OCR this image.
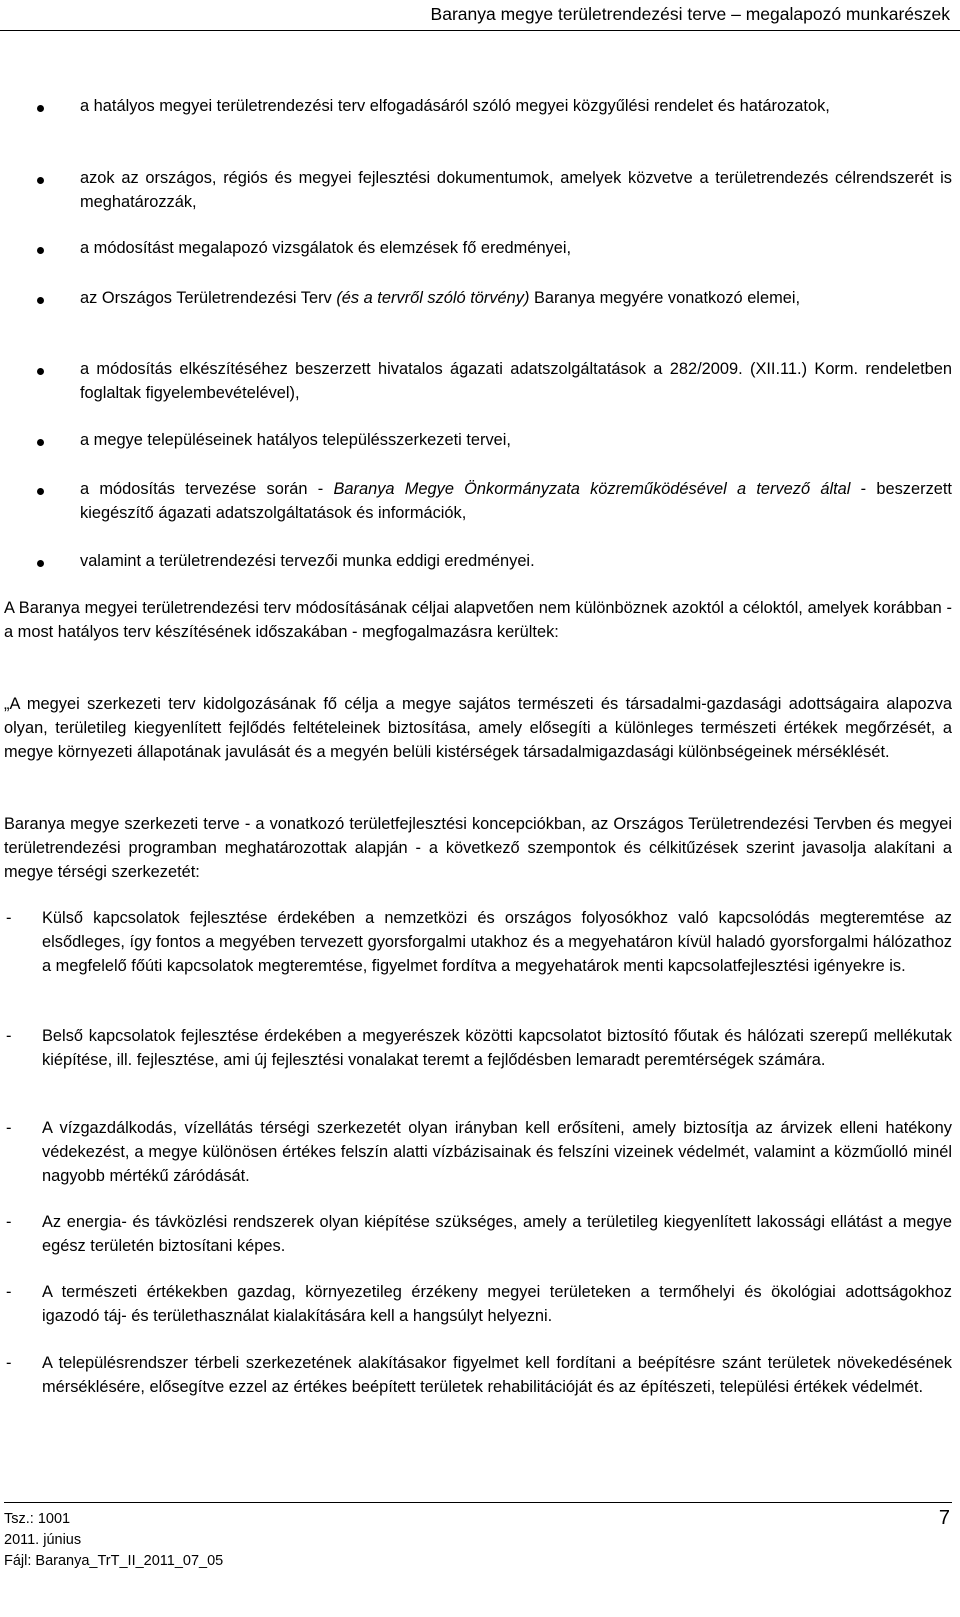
Baranya megye területrendezési terve – megalapozó munkarészek
a hatályos megyei területrendezési terv elfogadásáról szóló megyei közgyűlési rendelet és határozatok,
azok az országos, régiós és megyei fejlesztési dokumentumok, amelyek közvetve a területrendezés célrendszerét is meghatározzák,
a módosítást megalapozó vizsgálatok és elemzések fő eredményei,
az Országos Területrendezési Terv (és a tervről szóló törvény) Baranya megyére vonatkozó elemei,
a módosítás elkészítéséhez beszerzett hivatalos ágazati adatszolgáltatások a 282/2009. (XII.11.) Korm. rendeletben foglaltak figyelembevételével),
a megye településeinek hatályos településszerkezeti tervei,
a módosítás tervezése során - Baranya Megye Önkormányzata közreműködésével a tervező által - beszerzett kiegészítő ágazati adatszolgáltatások és információk,
valamint a területrendezési tervezői munka eddigi eredményei.
A Baranya megyei területrendezési terv módosításának céljai alapvetően nem különböznek azoktól a céloktól, amelyek korábban - a most hatályos terv készítésének időszakában - megfogalmazásra kerültek:
„A megyei szerkezeti terv kidolgozásának fő célja a megye sajátos természeti és társadalmi-gazdasági adottságaira alapozva olyan, területileg kiegyenlített fejlődés feltételeinek biztosítása, amely elősegíti a különleges természeti értékek megőrzését, a megye környezeti állapotának javulását és a megyén belüli kistérségek társadalmigazdasági különbségeinek mérséklését.
Baranya megye szerkezeti terve - a vonatkozó területfejlesztési koncepciókban, az Országos Területrendezési Tervben és megyei területrendezési programban meghatározottak alapján - a következő szempontok és célkitűzések szerint javasolja alakítani a megye térségi szerkezetét:
- Külső kapcsolatok fejlesztése érdekében a nemzetközi és országos folyosókhoz való kapcsolódás megteremtése az elsődleges, így fontos a megyében tervezett gyorsforgalmi utakhoz és a megyehatáron kívül haladó gyorsforgalmi hálózathoz a megfelelő főúti kapcsolatok megteremtése, figyelmet fordítva a megyehatárok menti kapcsolatfejlesztési igényekre is.
- Belső kapcsolatok fejlesztése érdekében a megyerészek közötti kapcsolatot biztosító főutak és hálózati szerepű mellékutak kiépítése, ill. fejlesztése, ami új fejlesztési vonalakat teremt a fejlődésben lemaradt peremtérségek számára.
- A vízgazdálkodás, vízellátás térségi szerkezetét olyan irányban kell erősíteni, amely biztosítja az árvizek elleni hatékony védekezést, a megye különösen értékes felszín alatti vízbázisainak és felszíni vizeinek védelmét, valamint a közműolló minél nagyobb mértékű záródását.
- Az energia- és távközlési rendszerek olyan kiépítése szükséges, amely a területileg kiegyenlített lakossági ellátást a megye egész területén biztosítani képes.
- A természeti értékekben gazdag, környezetileg érzékeny megyei területeken a termőhelyi és ökológiai adottságokhoz igazodó táj- és területhasználat kialakítására kell a hangsúlyt helyezni.
- A településrendszer térbeli szerkezetének alakításakor figyelmet kell fordítani a beépítésre szánt területek növekedésének mérséklésére, elősegítve ezzel az értékes beépített területek rehabilitációját és az építészeti, települési értékek védelmét.
Tsz.: 1001
2011. június
Fájl: Baranya_TrT_II_2011_07_05
7
